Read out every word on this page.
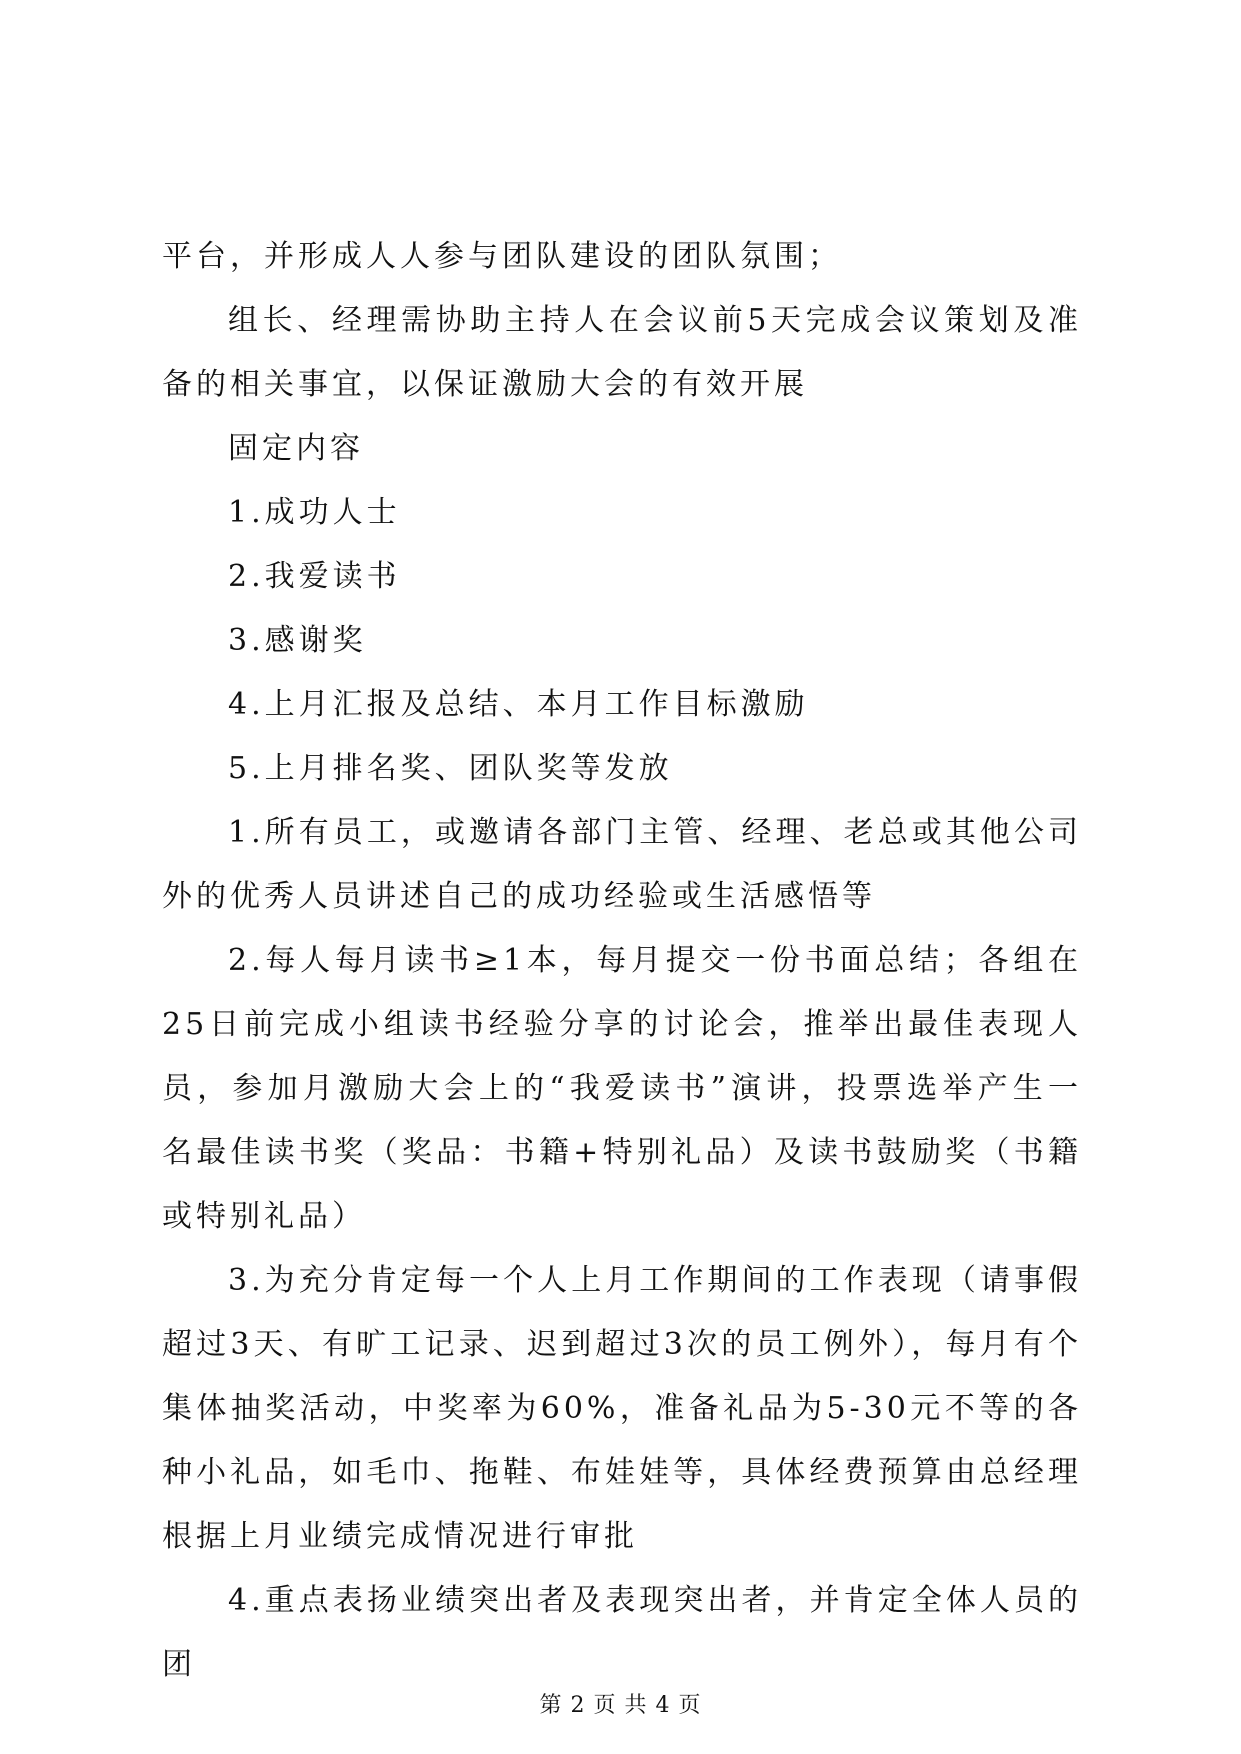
平台，并形成人人参与团队建设的团队氛围；

组长、经理需协助主持人在会议前5天完成会议策划及准备的相关事宜，以保证激励大会的有效开展

固定内容

1.成功人士

2.我爱读书

3.感谢奖

4.上月汇报及总结、本月工作目标激励

5.上月排名奖、团队奖等发放

1.所有员工，或邀请各部门主管、经理、老总或其他公司外的优秀人员讲述自己的成功经验或生活感悟等

2.每人每月读书≥1本，每月提交一份书面总结；各组在25日前完成小组读书经验分享的讨论会，推举出最佳表现人员，参加月激励大会上的“我爱读书”演讲，投票选举产生一名最佳读书奖（奖品：书籍+特别礼品）及读书鼓励奖（书籍或特别礼品）

3.为充分肯定每一个人上月工作期间的工作表现（请事假超过3天、有旷工记录、迟到超过3次的员工例外），每月有个集体抽奖活动，中奖率为60%，准备礼品为5-30元不等的各种小礼品，如毛巾、拖鞋、布娃娃等，具体经费预算由总经理根据上月业绩完成情况进行审批

4.重点表扬业绩突出者及表现突出者，并肯定全体人员的团

第 2 页 共 4 页
